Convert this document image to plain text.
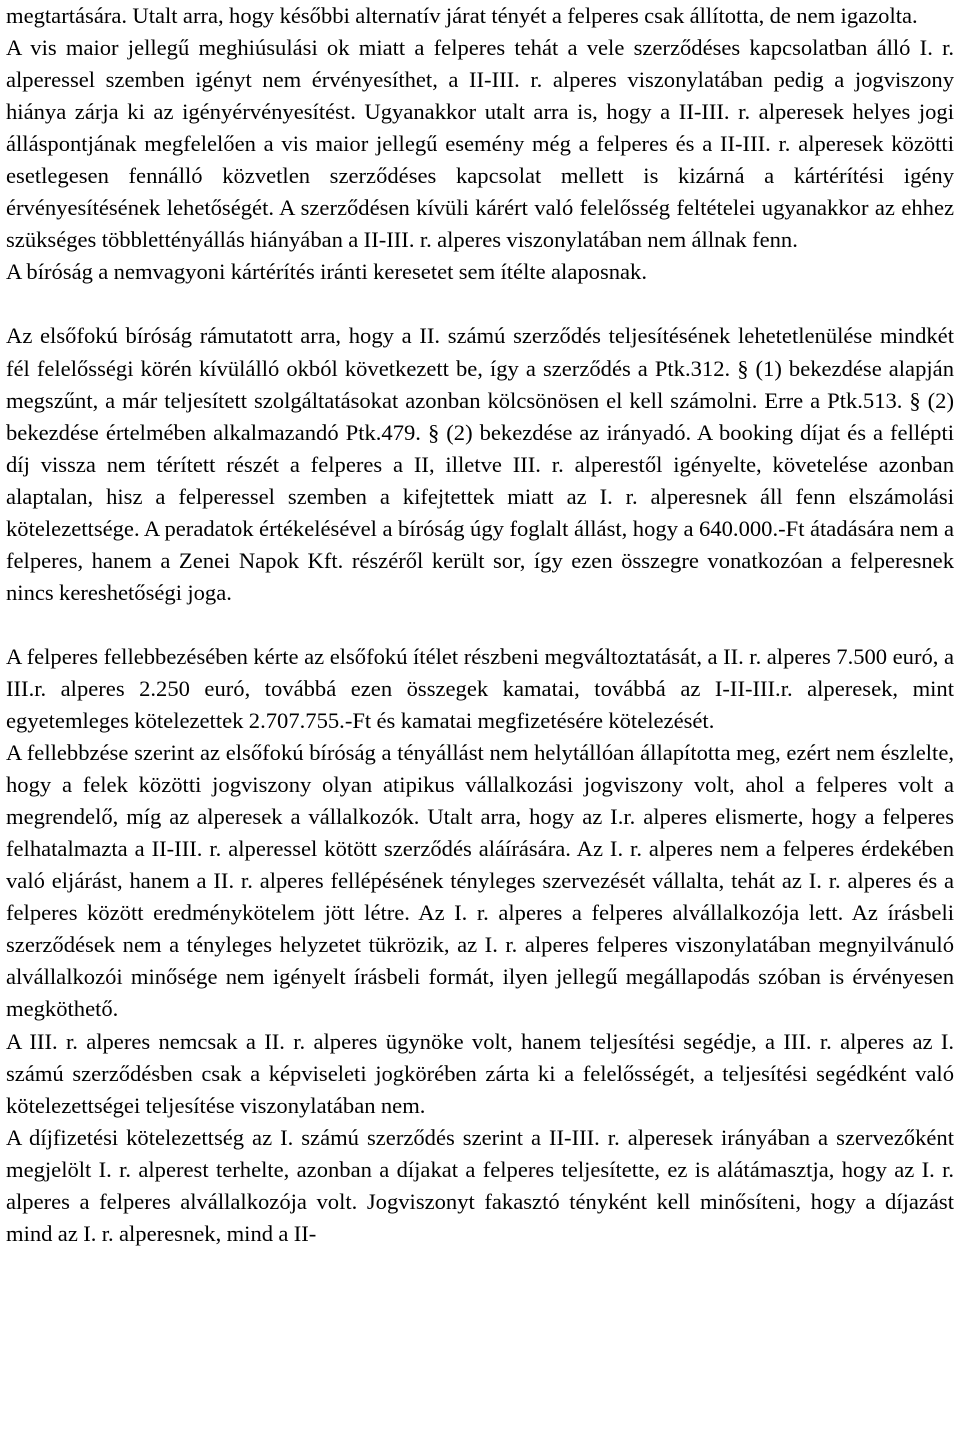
megtartására. Utalt arra, hogy későbbi alternatív járat tényét a felperes csak állította, de nem igazolta.

A vis maior jellegű meghiúsulási ok miatt a felperes tehát a vele szerződéses kapcsolatban álló I. r. alperessel szemben igényt nem érvényesíthet, a II-III. r. alperes viszonylatában pedig a jogviszony hiánya zárja ki az igényérvényesítést. Ugyanakkor utalt arra is, hogy a II-III. r. alperesek helyes jogi álláspontjának megfelelően a vis maior jellegű esemény még a felperes és a II-III. r. alperesek közötti esetlegesen fennálló közvetlen szerződéses kapcsolat mellett is kizárná a kártérítési igény érvényesítésének lehetőségét. A szerződésen kívüli kárért való felelősség feltételei ugyanakkor az ehhez szükséges többlettényállás hiányában a II-III. r. alperes viszonylatában nem állnak fenn.

A bíróság a nemvagyoni kártérítés iránti keresetet sem ítélte alaposnak.

Az elsőfokú bíróság rámutatott arra, hogy a II. számú szerződés teljesítésének lehetetlenülése mindkét fél felelősségi körén kívülálló okból következett be, így a szerződés a Ptk.312. § (1) bekezdése alapján megszűnt, a már teljesített szolgáltatásokat azonban kölcsönösen el kell számolni. Erre a Ptk.513. § (2) bekezdése értelmében alkalmazandó Ptk.479. § (2) bekezdése az irányadó. A booking díjat és a fellépti díj vissza nem térített részét a felperes a II, illetve III. r. alperestől igényelte, követelése azonban alaptalan, hisz a felperessel szemben a kifejtettek miatt az I. r. alperesnek áll fenn elszámolási kötelezettsége. A peradatok értékelésével a bíróság úgy foglalt állást, hogy a 640.000.-Ft átadására nem a felperes, hanem a Zenei Napok Kft. részéről került sor, így ezen összegre vonatkozóan a felperesnek nincs kereshetőségi joga.

A felperes fellebbezésében kérte az elsőfokú ítélet részbeni megváltoztatását, a II. r. alperes 7.500 euró, a III.r. alperes 2.250 euró, továbbá ezen összegek kamatai, továbbá az I-II-III.r. alperesek, mint egyetemleges kötelezettek 2.707.755.-Ft és kamatai megfizetésére kötelezését.

A fellebbzése szerint az elsőfokú bíróság a tényállást nem helytállóan állapította meg, ezért nem észlelte, hogy a felek közötti jogviszony olyan atipikus vállalkozási jogviszony volt, ahol a felperes volt a megrendelő, míg az alperesek a vállalkozók. Utalt arra, hogy az I.r. alperes elismerte, hogy a felperes felhatalmazta a II-III. r. alperessel kötött szerződés aláírására. Az I. r. alperes nem a felperes érdekében való eljárást, hanem a II. r. alperes fellépésének tényleges szervezését vállalta, tehát az I. r. alperes és a felperes között eredménykötelem jött létre. Az I. r. alperes a felperes alvállalkozója lett. Az írásbeli szerződések nem a tényleges helyzetet tükrözik, az I. r. alperes felperes viszonylatában megnyilvánuló alvállalkozói minősége nem igényelt írásbeli formát, ilyen jellegű megállapodás szóban is érvényesen megköthető.

A III. r. alperes nemcsak a II. r. alperes ügynöke volt, hanem teljesítési segédje, a III. r. alperes az I. számú szerződésben csak a képviseleti jogkörében zárta ki a felelősségét, a teljesítési segédként való kötelezettségei teljesítése viszonylatában nem.

A díjfizetési kötelezettség az I. számú szerződés szerint a II-III. r. alperesek irányában a szervezőként megjelölt I. r. alperest terhelte, azonban a díjakat a felperes teljesítette, ez is alátámasztja, hogy az I. r. alperes a felperes alvállalkozója volt. Jogviszonyt fakasztó tényként kell minősíteni, hogy a díjazást mind az I. r. alperesnek, mind a II-
